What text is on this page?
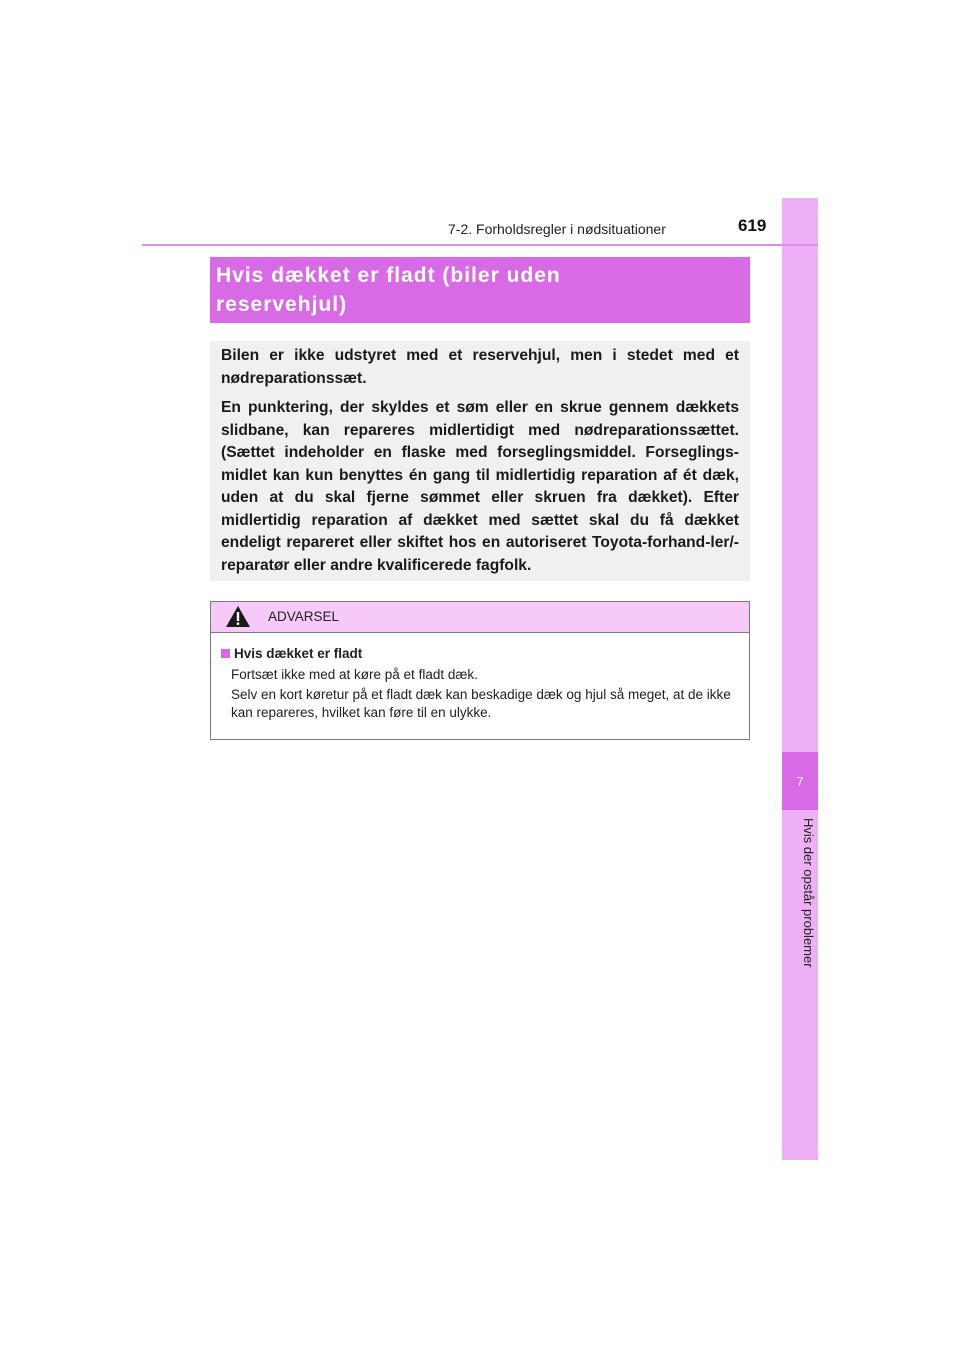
7
Hvis der opstår problemer
7-2. Forholdsregler i nødsituationer	619
Hvis dækket er fladt (biler uden
reservehjul)

Bilen er ikke udstyret med et reservehjul, men i stedet med et nødreparationssæt.

En punktering, der skyldes et søm eller en skrue gennem dækkets slidbane, kan repareres midlertidigt med nødreparationssættet. (Sættet indeholder en flaske med forseglingsmiddel. Forseglings-midlet kan kun benyttes én gang til midlertidig reparation af ét dæk, uden at du skal fjerne sømmet eller skruen fra dækket). Efter midlertidig reparation af dækket med sættet skal du få dækket endeligt repareret eller skiftet hos en autoriseret Toyota-forhand-ler/-reparatør eller andre kvalificerede fagfolk.

ADVARSEL
Hvis dækket er fladt

Fortsæt ikke med at køre på et fladt dæk.

Selv en kort køretur på et fladt dæk kan beskadige dæk og hjul så meget, at de ikke kan repareres, hvilket kan føre til en ulykke.
